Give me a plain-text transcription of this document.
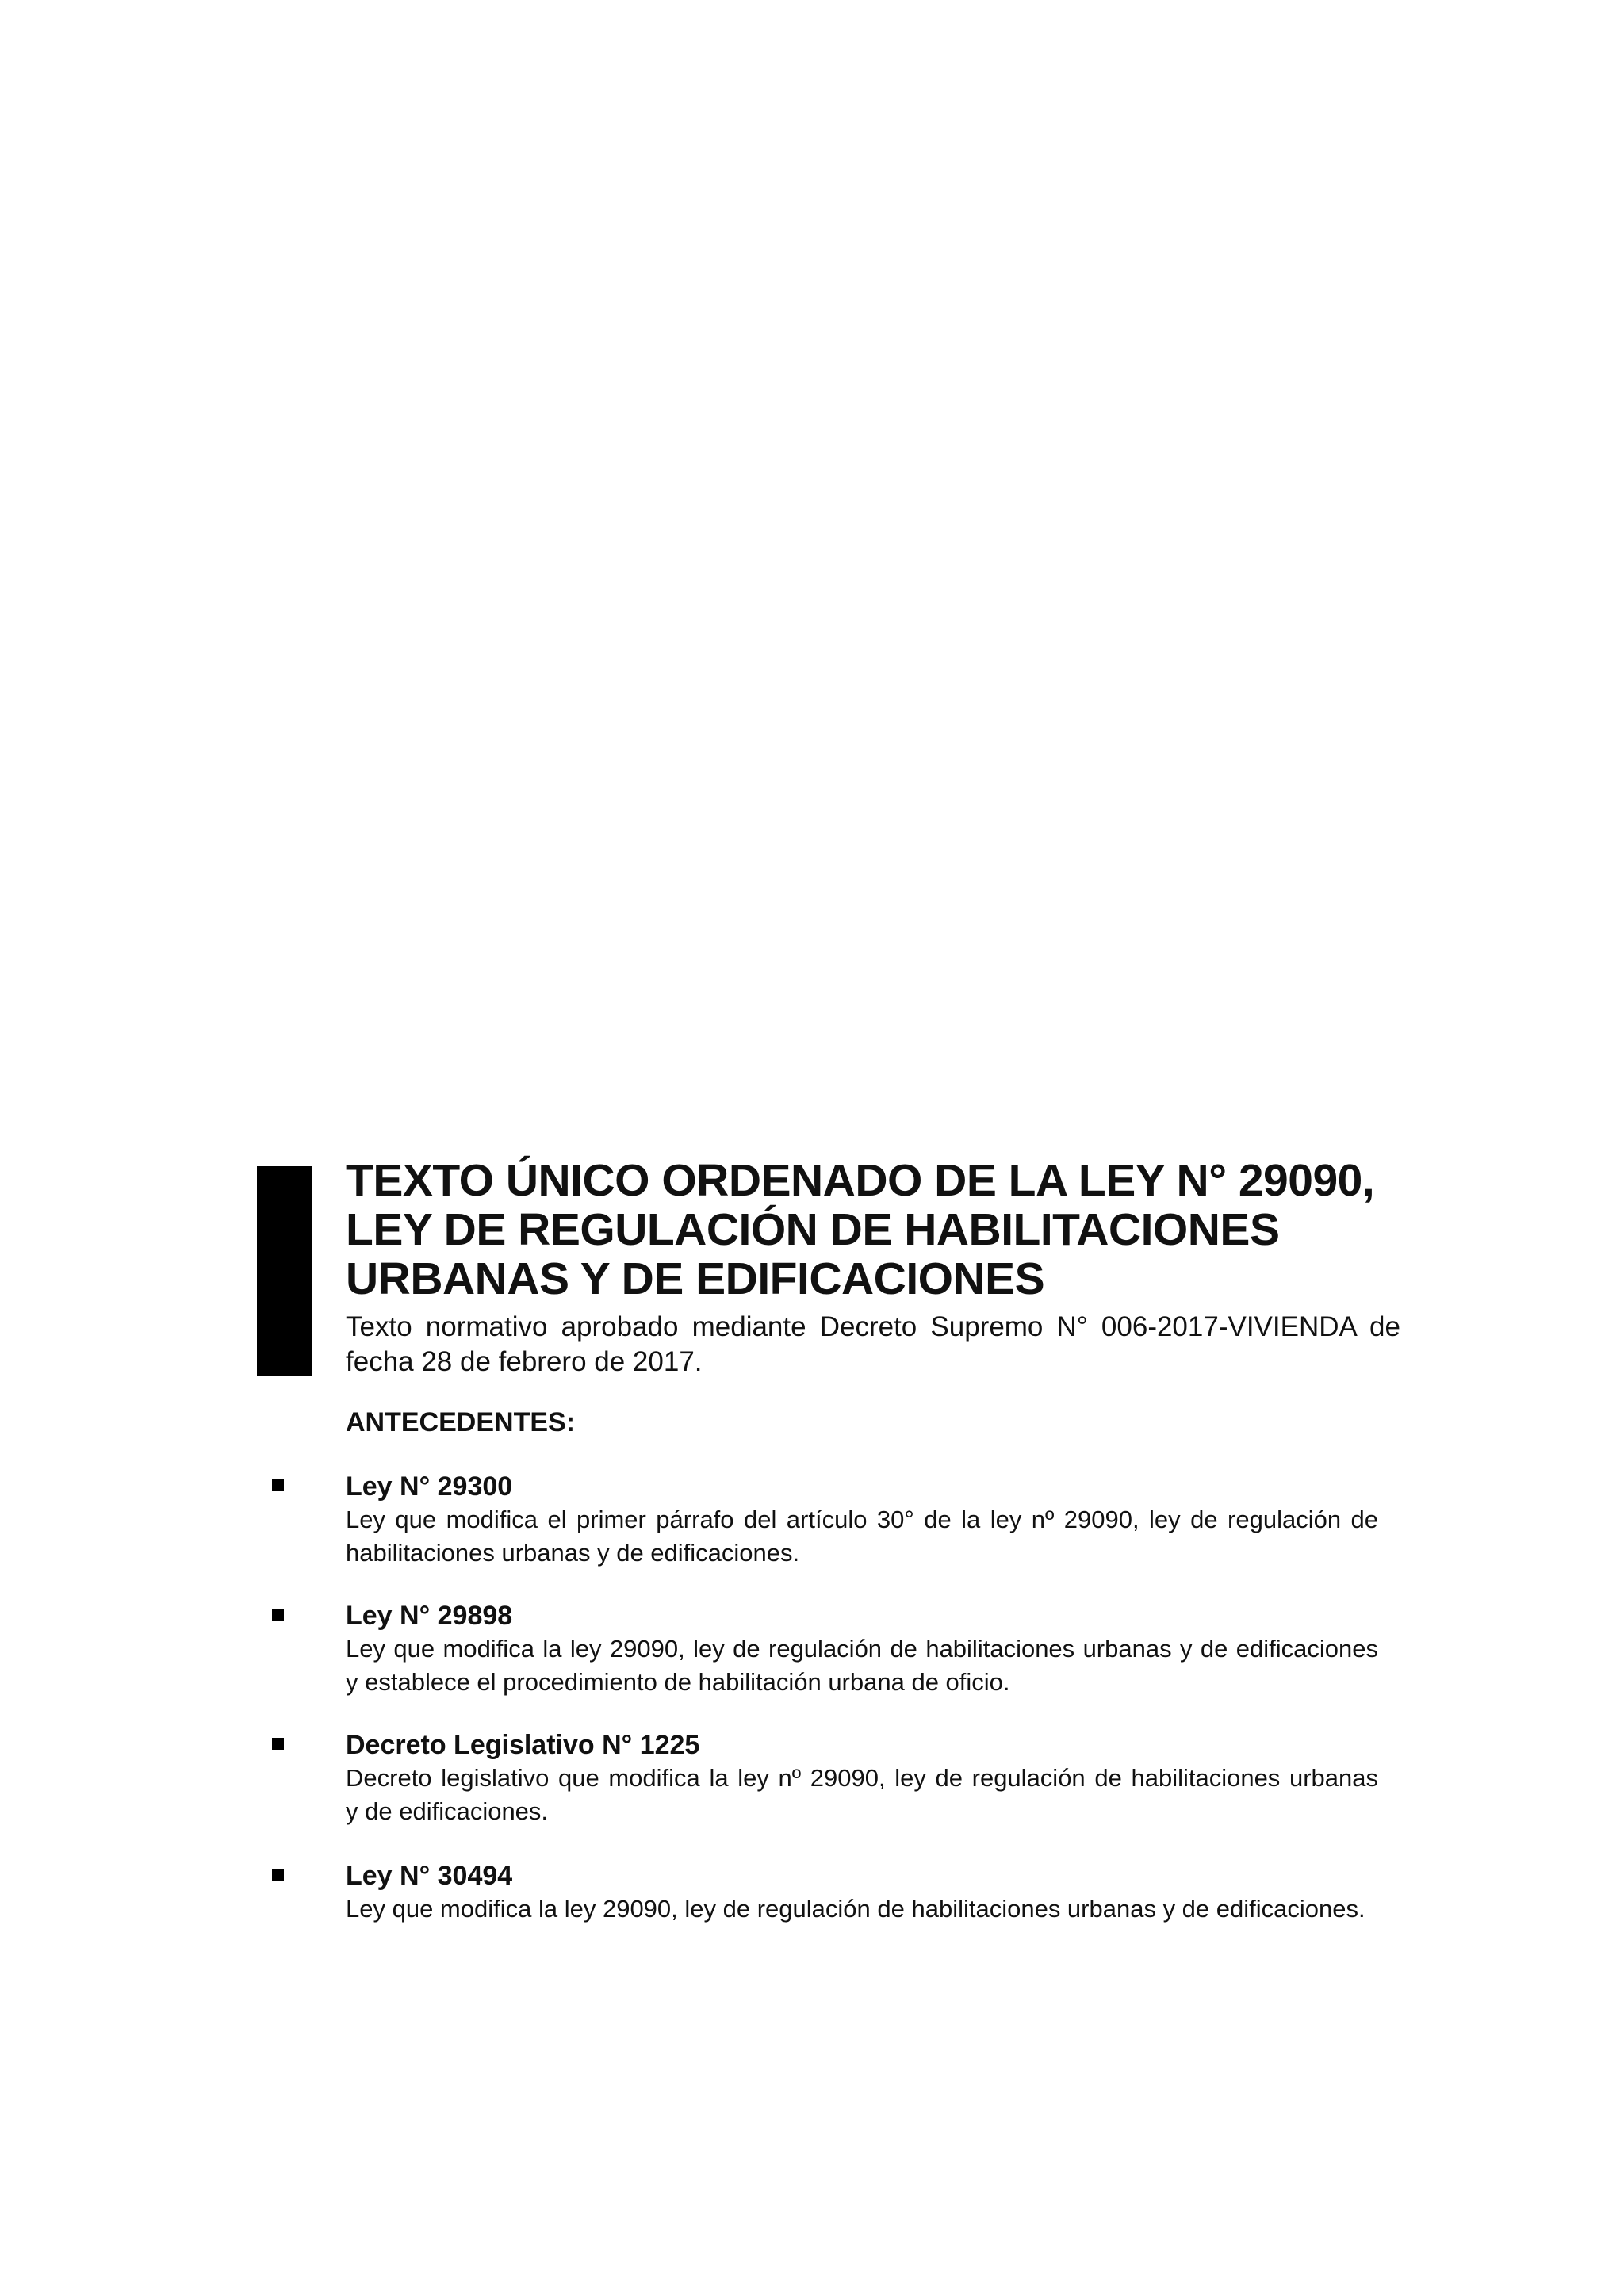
TEXTO ÚNICO ORDENADO DE LA LEY N° 29090,
LEY DE REGULACIÓN DE HABILITACIONES
URBANAS Y DE EDIFICACIONES
Texto normativo aprobado mediante Decreto Supremo N° 006-2017-VIVIENDA de
fecha 28 de febrero de 2017.
ANTECEDENTES:
Ley N° 29300
Ley que modifica el primer párrafo del artículo 30° de la ley nº 29090, ley de regulación de
habilitaciones urbanas y de edificaciones.
Ley N° 29898
Ley que modifica la ley 29090, ley de regulación de habilitaciones urbanas y de edificaciones
y establece el procedimiento de habilitación urbana de oficio.
Decreto Legislativo N° 1225
Decreto legislativo que modifica la ley nº 29090, ley de regulación de habilitaciones urbanas
y de edificaciones.
Ley N° 30494
Ley que modifica la ley 29090, ley de regulación de habilitaciones urbanas y de edificaciones.
